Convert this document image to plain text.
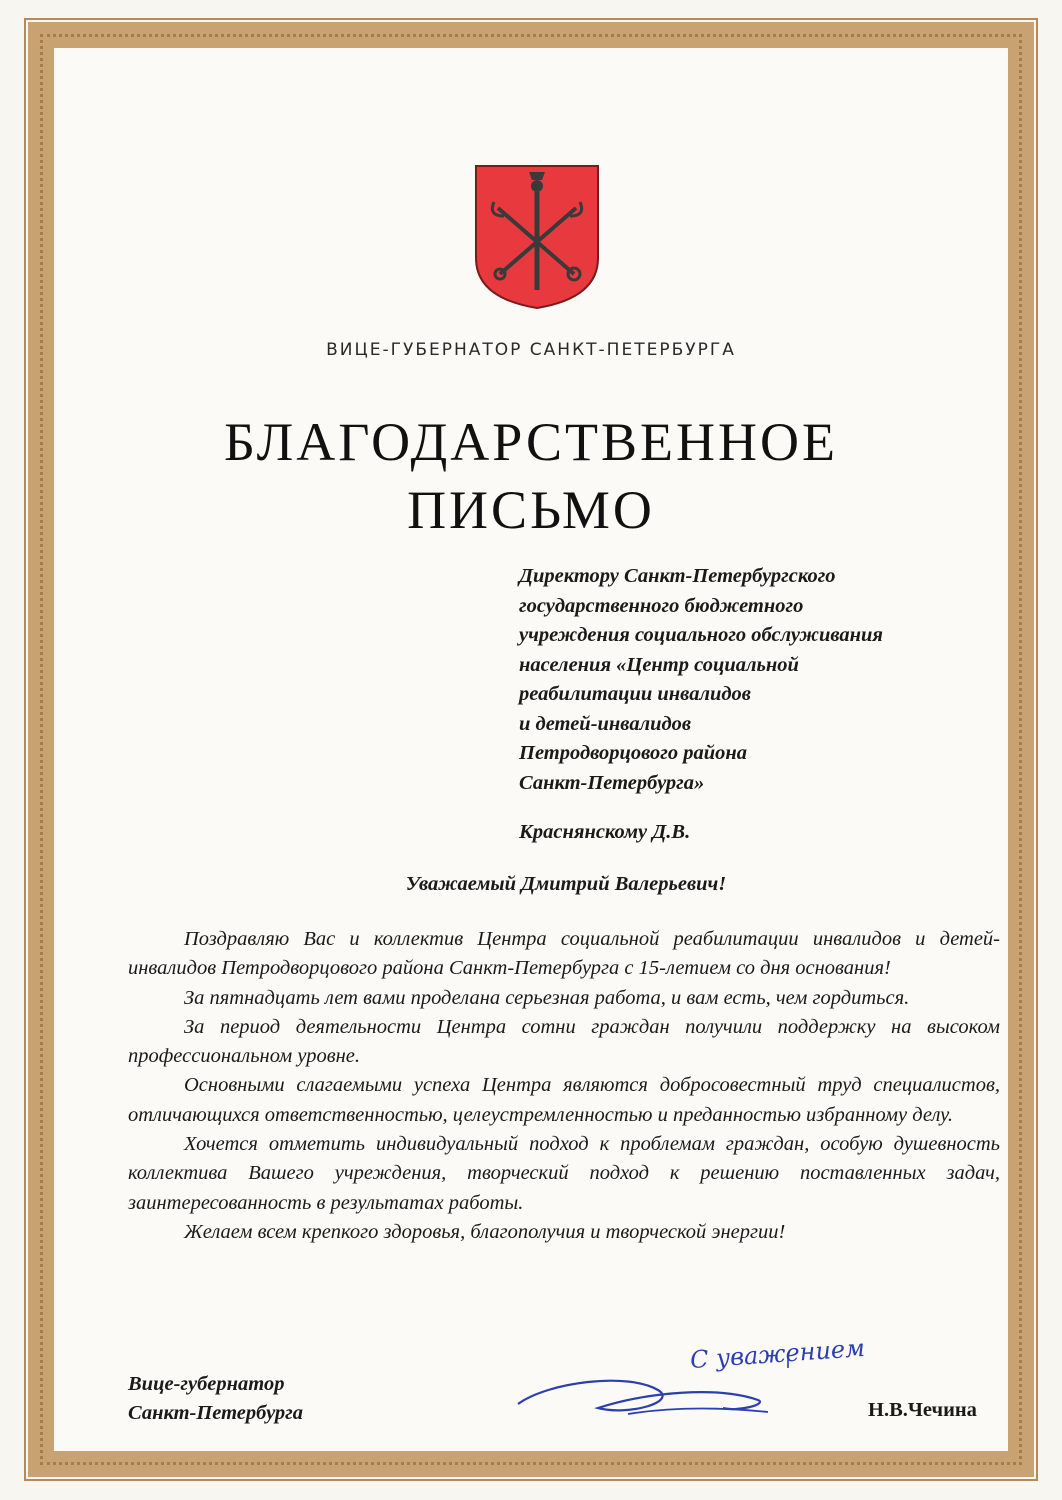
ВИЦЕ-ГУБЕРНАТОР САНКТ-ПЕТЕРБУРГА
БЛАГОДАРСТВЕННОЕ
ПИСЬМО
Директору Санкт-Петербургского
государственного бюджетного
учреждения социального обслуживания
населения «Центр социальной
реабилитации инвалидов
и детей-инвалидов
Петродворцового района
Санкт-Петербурга»
Краснянскому Д.В.
Уважаемый Дмитрий Валерьевич!

Поздравляю Вас и коллектив Центра социальной реабилитации инвалидов и детей-инвалидов Петродворцового района Санкт-Петербурга с 15-летием со дня основания!

За пятнадцать лет вами проделана серьезная работа, и вам есть, чем гордиться.

За период деятельности Центра сотни граждан получили поддержку на высоком профессиональном уровне.

Основными слагаемыми успеха Центра являются добросовестный труд специалистов, отличающихся ответственностью, целеустремленностью и преданностью избранному делу.

Хочется отметить индивидуальный подход к проблемам граждан, особую душевность коллектива Вашего учреждения, творческий подход к решению поставленных задач, заинтересованность в результатах работы.

Желаем всем крепкого здоровья, благополучия и творческой энергии!

Вице-губернатор
Санкт-Петербурга
С уважением
Н.В.Чечина
